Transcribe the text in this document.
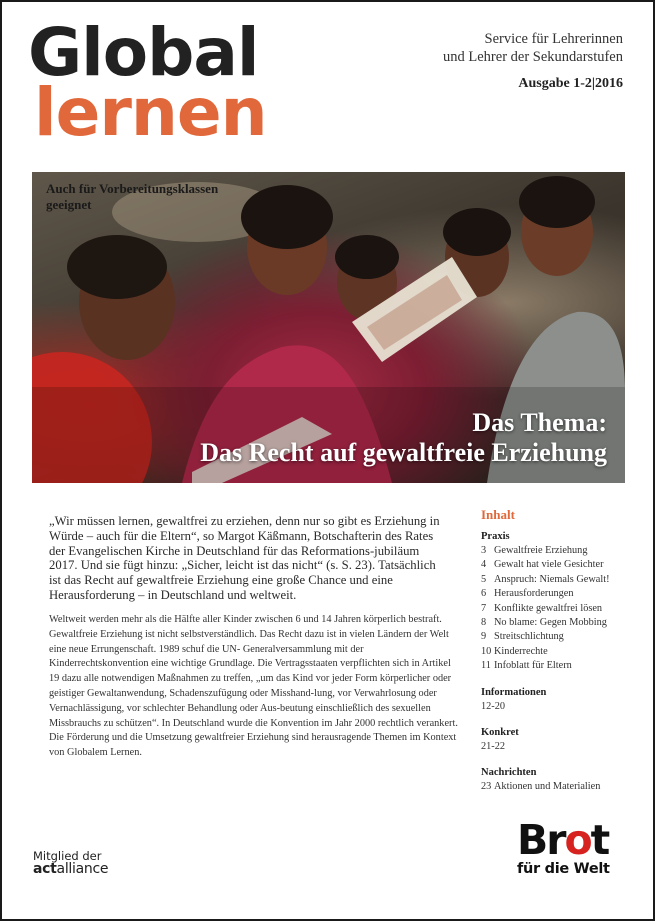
Global
lernen
Service für Lehrerinnen
und Lehrer der Sekundarstufen
Ausgabe 1-2|2016
Auch für Vorbereitungsklassen geeignet
Das Thema:
Das Recht auf gewaltfreie Erziehung
„Wir müssen lernen, gewaltfrei zu erziehen, denn nur so gibt es Erziehung in Würde – auch für die Eltern“, so Margot Käßmann, Botschafterin des Rates der Evangelischen Kirche in Deutschland für das Reformations-jubiläum 2017. Und sie fügt hinzu: „Sicher, leicht ist das nicht“ (s. S. 23). Tatsächlich ist das Recht auf gewaltfreie Erziehung eine große Chance und eine Herausforderung – in Deutschland und weltweit.

Weltweit werden mehr als die Hälfte aller Kinder zwischen 6 und 14 Jahren körperlich bestraft. Gewaltfreie Erziehung ist nicht selbstverständlich. Das Recht dazu ist in vielen Ländern der Welt eine neue Errungenschaft. 1989 schuf die UN- Generalversammlung mit der Kinderrechtskonvention eine wichtige Grundlage. Die Vertragsstaaten verpflichten sich in Artikel 19 dazu alle notwendigen Maßnahmen zu treffen, „um das Kind vor jeder Form körperlicher oder geistiger Gewaltanwendung, Schadenszufügung oder Misshand-lung, vor Verwahrlosung oder Vernachlässigung, vor schlechter Behandlung oder Aus-beutung einschließlich des sexuellen Missbrauchs zu schützen“. In Deutschland wurde die Konvention im Jahr 2000 rechtlich verankert.

Die Förderung und die Umsetzung gewaltfreier Erziehung sind herausragende Themen im Kontext von Globalem Lernen.

Inhalt
Praxis
3 Gewaltfreie Erziehung
4 Gewalt hat viele Gesichter
5 Anspruch: Niemals Gewalt!
6 Herausforderungen
7 Konflikte gewaltfrei lösen
8 No blame: Gegen Mobbing
9 Streitschlichtung
10 Kinderrechte
11 Infoblatt für Eltern
Informationen
12-20
Konkret
21-22
Nachrichten
23 Aktionen und Materialien
Mitglied der
actalliance
Brot
für die Welt
